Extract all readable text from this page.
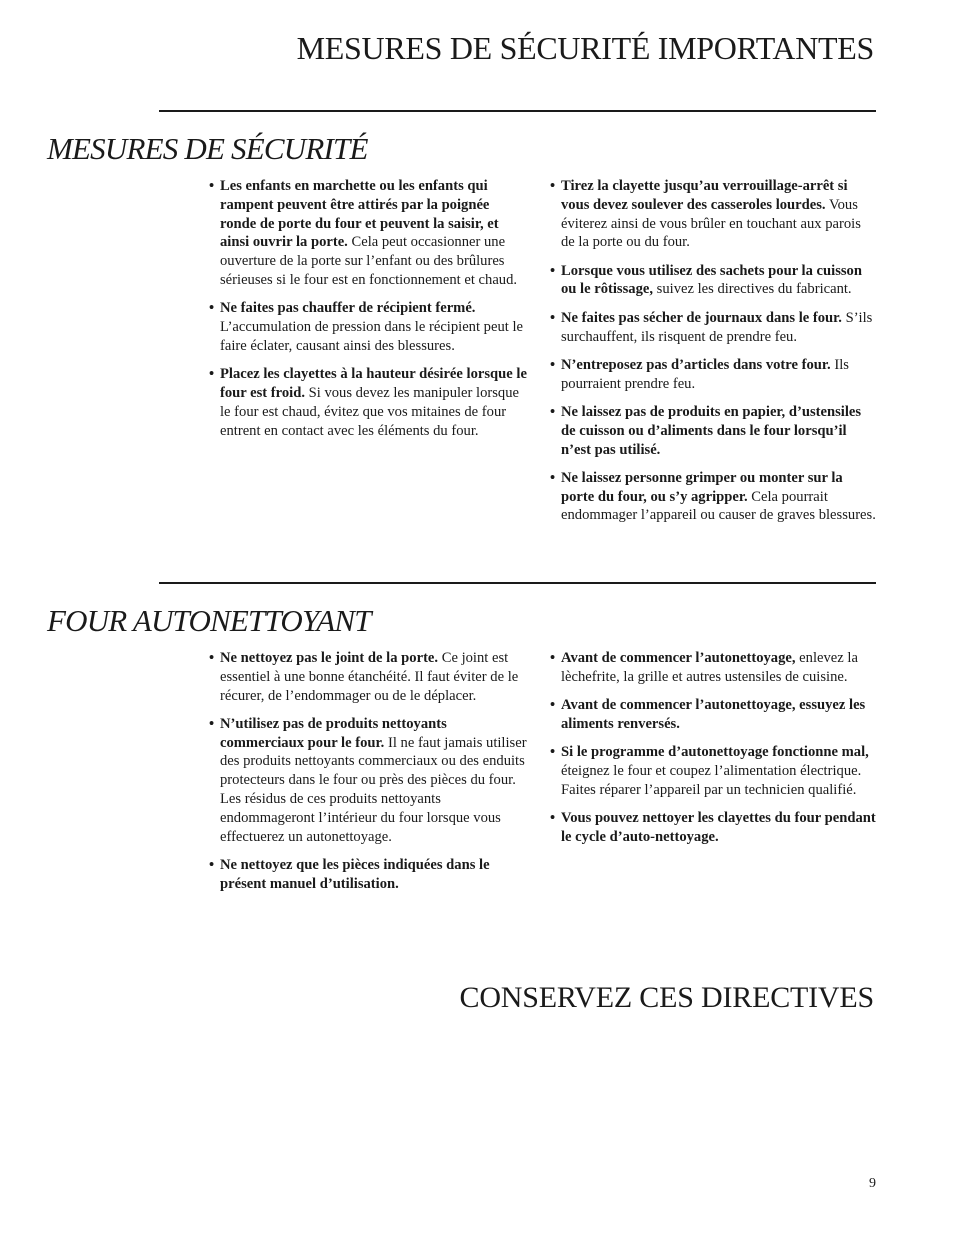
MESURES DE SÉCURITÉ IMPORTANTES
MESURES DE SÉCURITÉ
• Les enfants en marchette ou les enfants qui rampent peuvent être attirés par la poignée ronde de porte du four et peuvent la saisir, et ainsi ouvrir la porte. Cela peut occasionner une ouverture de la porte sur l’enfant ou des brûlures sérieuses si le four est en fonctionnement et chaud.
• Ne faites pas chauffer de récipient fermé. L’accumulation de pression dans le récipient peut le faire éclater, causant ainsi des blessures.
• Placez les clayettes à la hauteur désirée lorsque le four est froid. Si vous devez les manipuler lorsque le four est chaud, évitez que vos mitaines de four entrent en contact avec les éléments du four.
• Tirez la clayette jusqu’au verrouillage-arrêt si vous devez soulever des casseroles lourdes. Vous éviterez ainsi de vous brûler en touchant aux parois de la porte ou du four.
• Lorsque vous utilisez des sachets pour la cuisson ou le rôtissage, suivez les directives du fabricant.
• Ne faites pas sécher de journaux dans le four. S’ils surchauffent, ils risquent de prendre feu.
• N’entreposez pas d’articles dans votre four. Ils pourraient prendre feu.
• Ne laissez pas de produits en papier, d’ustensiles de cuisson ou d’aliments dans le four lorsqu’il n’est pas utilisé.
• Ne laissez personne grimper ou monter sur la porte du four, ou s’y agripper. Cela pourrait endommager l’appareil ou causer de graves blessures.
FOUR AUTONETTOYANT
• Ne nettoyez pas le joint de la porte. Ce joint est essentiel à une bonne étanchéité. Il faut éviter de le récurer, de l’endommager ou de le déplacer.
• N’utilisez pas de produits nettoyants commerciaux pour le four. Il ne faut jamais utiliser des produits nettoyants commerciaux ou des enduits protecteurs dans le four ou près des pièces du four. Les résidus de ces produits nettoyants endommageront l’intérieur du four lorsque vous effectuerez un autonettoyage.
• Ne nettoyez que les pièces indiquées dans le présent manuel d’utilisation.
• Avant de commencer l’autonettoyage, enlevez la lèchefrite, la grille et autres ustensiles de cuisine.
• Avant de commencer l’autonettoyage, essuyez les aliments renversés.
• Si le programme d’autonettoyage fonctionne mal, éteignez le four et coupez l’alimentation électrique. Faites réparer l’appareil par un technicien qualifié.
• Vous pouvez nettoyer les clayettes du four pendant le cycle d’auto-nettoyage.
CONSERVEZ CES DIRECTIVES
9
